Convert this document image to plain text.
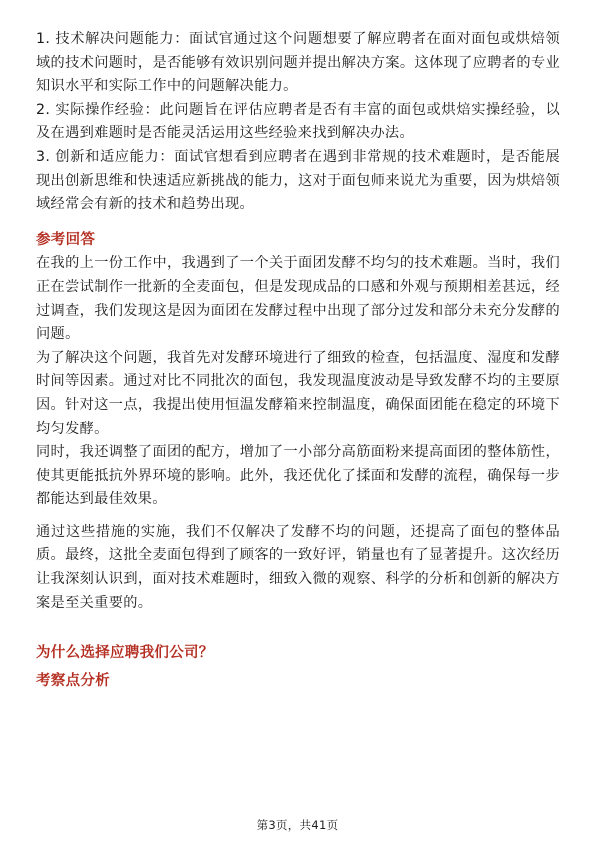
1. 技术解决问题能力：面试官通过这个问题想要了解应聘者在面对面包或烘焙领域的技术问题时，是否能够有效识别问题并提出解决方案。这体现了应聘者的专业知识水平和实际工作中的问题解决能力。

2. 实际操作经验：此问题旨在评估应聘者是否有丰富的面包或烘焙实操经验，以及在遇到难题时是否能灵活运用这些经验来找到解决办法。

3. 创新和适应能力：面试官想看到应聘者在遇到非常规的技术难题时，是否能展现出创新思维和快速适应新挑战的能力，这对于面包师来说尤为重要，因为烘焙领域经常会有新的技术和趋势出现。

参考回答

在我的上一份工作中，我遇到了一个关于面团发酵不均匀的技术难题。当时，我们正在尝试制作一批新的全麦面包，但是发现成品的口感和外观与预期相差甚远，经过调查，我们发现这是因为面团在发酵过程中出现了部分过发和部分未充分发酵的问题。

为了解决这个问题，我首先对发酵环境进行了细致的检查，包括温度、湿度和发酵时间等因素。通过对比不同批次的面包，我发现温度波动是导致发酵不均的主要原因。针对这一点，我提出使用恒温发酵箱来控制温度，确保面团能在稳定的环境下均匀发酵。

同时，我还调整了面团的配方，增加了一小部分高筋面粉来提高面团的整体筋性，使其更能抵抗外界环境的影响。此外，我还优化了揉面和发酵的流程，确保每一步都能达到最佳效果。

通过这些措施的实施，我们不仅解决了发酵不均的问题，还提高了面包的整体品质。最终，这批全麦面包得到了顾客的一致好评，销量也有了显著提升。这次经历让我深刻认识到，面对技术难题时，细致入微的观察、科学的分析和创新的解决方案是至关重要的。

为什么选择应聘我们公司？
考察点分析
第3页，共41页
